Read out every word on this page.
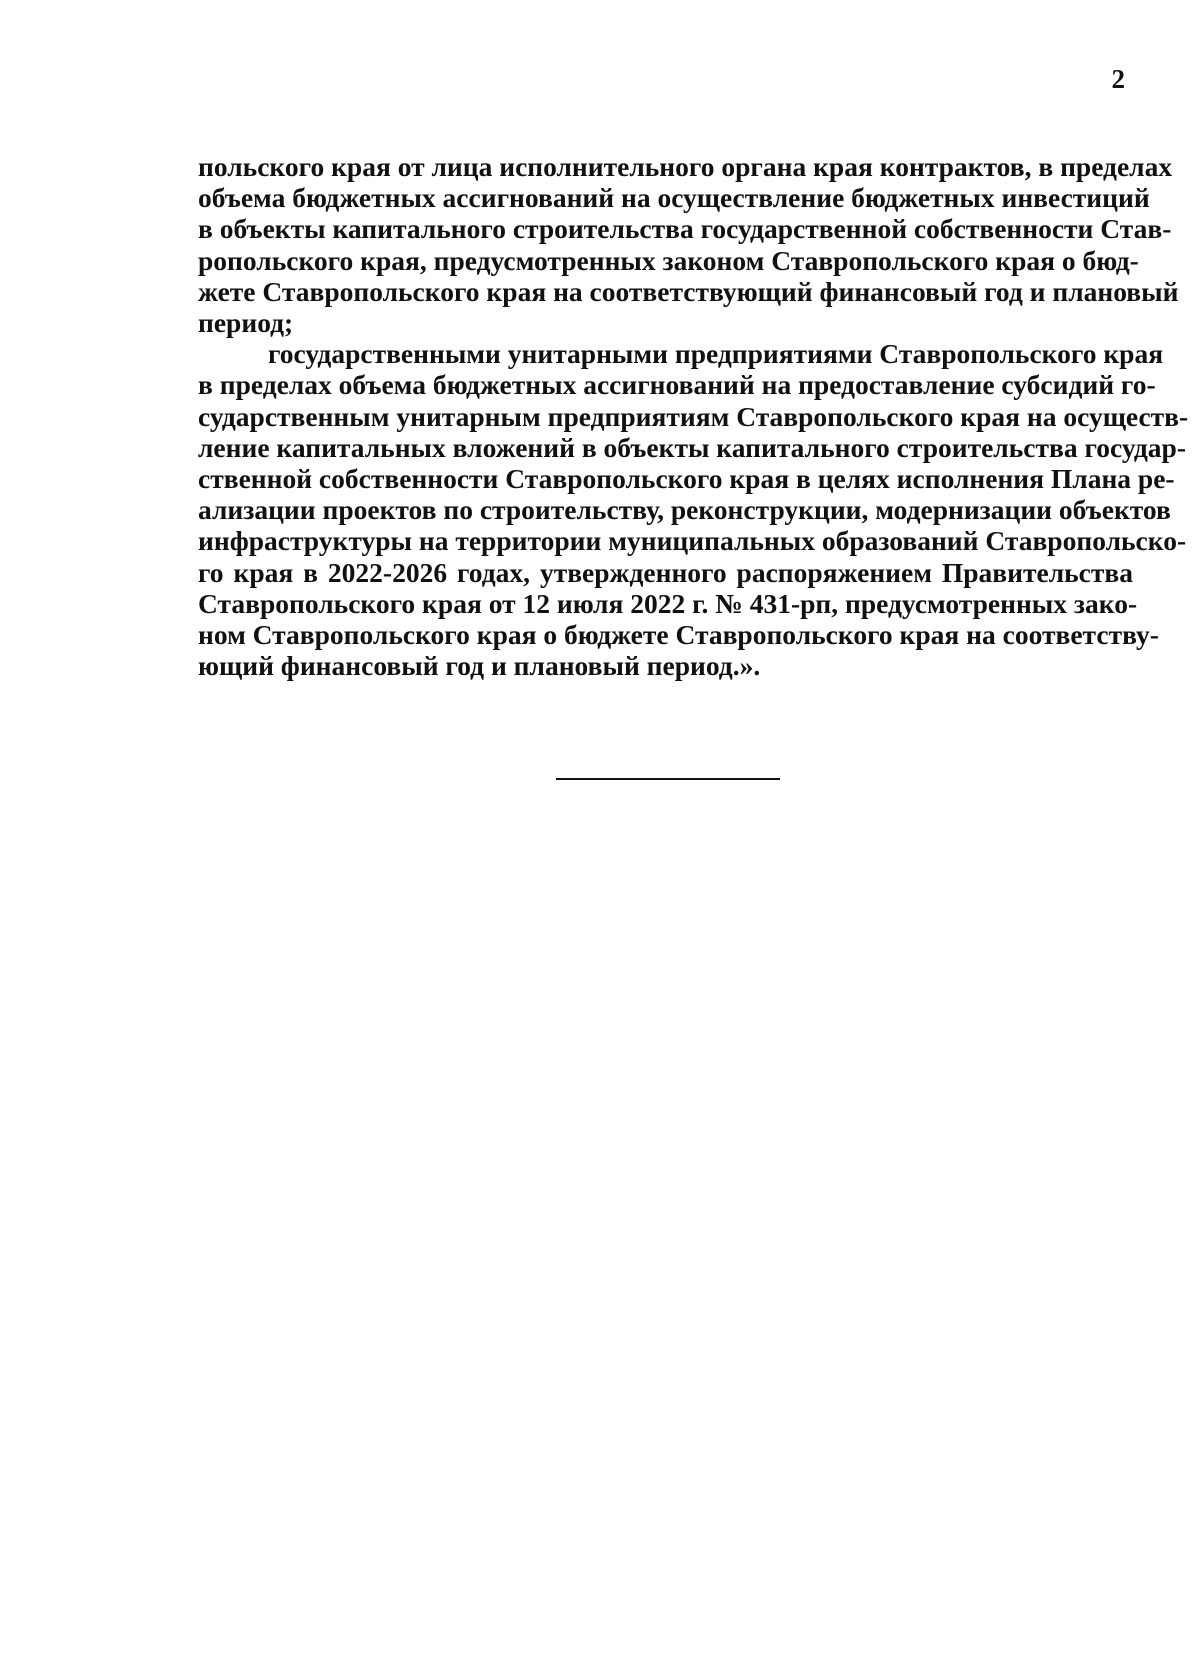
2
польского края от лица исполнительного органа края контрактов, в пределах
объема бюджетных ассигнований на осуществление бюджетных инвестиций
в объекты капитального строительства государственной собственности Став-
ропольского края, предусмотренных законом Ставропольского края о бюд-
жете Ставропольского края на соответствующий финансовый год и плановый
период;
государственными унитарными предприятиями Ставропольского края
в пределах объема бюджетных ассигнований на предоставление субсидий го-
сударственным унитарным предприятиям Ставропольского края на осуществ-
ление капитальных вложений в объекты капитального строительства государ-
ственной собственности Ставропольского края в целях исполнения Плана ре-
ализации проектов по строительству, реконструкции, модернизации объектов
инфраструктуры на территории муниципальных образований Ставропольско-
го края в 2022-2026 годах, утвержденного распоряжением Правительства
Ставропольского края от 12 июля 2022 г. № 431-рп, предусмотренных зако-
ном Ставропольского края о бюджете Ставропольского края на соответству-
ющий финансовый год и плановый период.».
